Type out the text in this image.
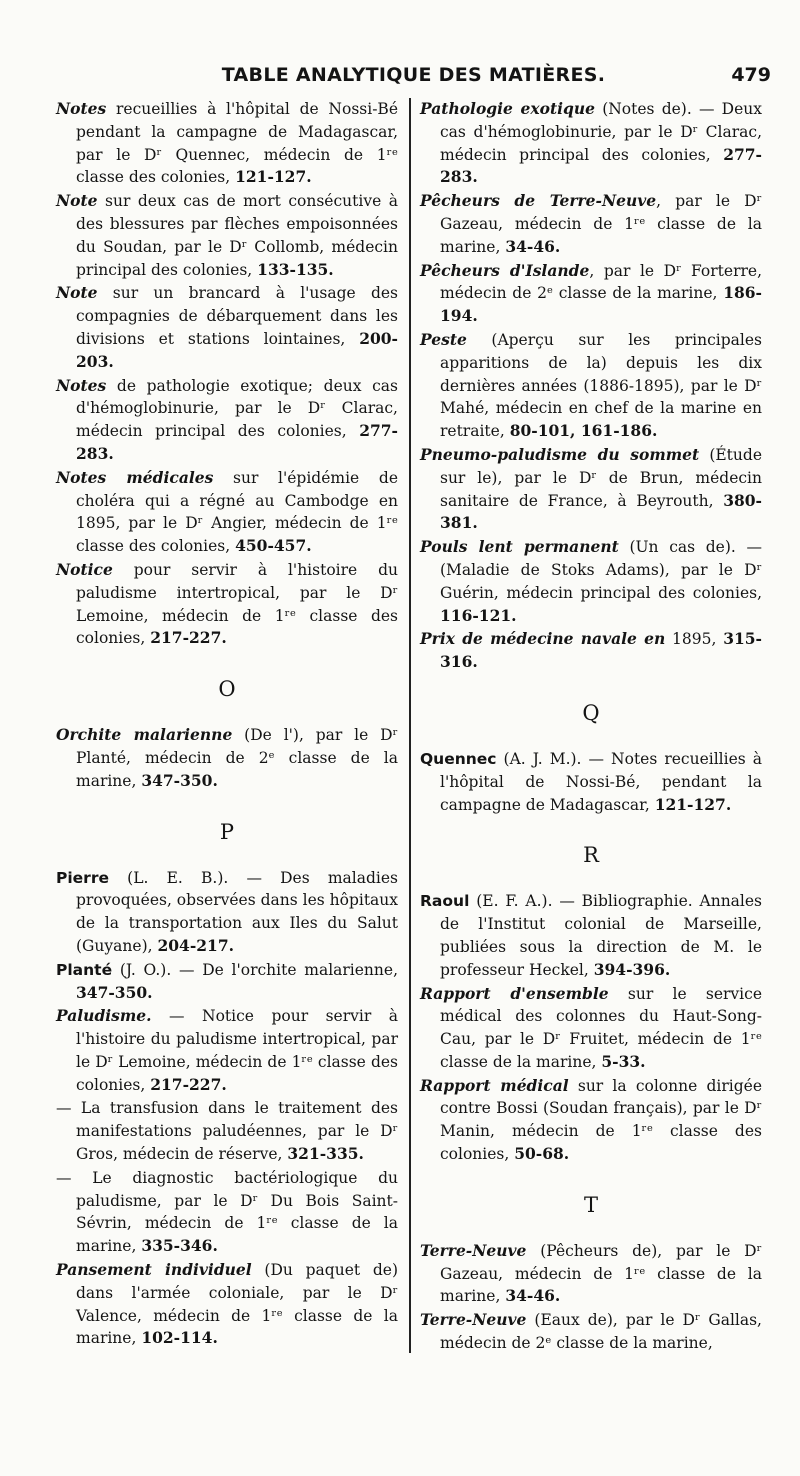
TABLE ANALYTIQUE DES MATIÈRES.	479
Notes recueillies à l'hôpital de Nossi-Bé pendant la campagne de Madagascar, par le Dʳ Quennec, médecin de 1ʳᵉ classe des colonies, 121-127.
Note sur deux cas de mort consécutive à des blessures par flèches empoisonnées du Soudan, par le Dʳ Collomb, médecin principal des colonies, 133-135.
Note sur un brancard à l'usage des compagnies de débarquement dans les divisions et stations lointaines, 200-203.
Notes de pathologie exotique; deux cas d'hémoglobinurie, par le Dʳ Clarac, médecin principal des colonies, 277-283.
Notes médicales sur l'épidémie de choléra qui a régné au Cambodge en 1895, par le Dʳ Angier, médecin de 1ʳᵉ classe des colonies, 450-457.
Notice pour servir à l'histoire du paludisme intertropical, par le Dʳ Lemoine, médecin de 1ʳᵉ classe des colonies, 217-227.
O
Orchite malarienne (De l'), par le Dʳ Planté, médecin de 2ᵉ classe de la marine, 347-350.
P
Pierre (L. E. B.). — Des maladies provoquées, observées dans les hôpitaux de la transportation aux Iles du Salut (Guyane), 204-217.
Planté (J. O.). — De l'orchite malarienne, 347-350.
Paludisme. — Notice pour servir à l'histoire du paludisme intertropical, par le Dʳ Lemoine, médecin de 1ʳᵉ classe des colonies, 217-227.
— La transfusion dans le traitement des manifestations paludéennes, par le Dʳ Gros, médecin de réserve, 321-335.
— Le diagnostic bactériologique du paludisme, par le Dʳ Du Bois Saint-Sévrin, médecin de 1ʳᵉ classe de la marine, 335-346.
Pansement individuel (Du paquet de) dans l'armée coloniale, par le Dʳ Valence, médecin de 1ʳᵉ classe de la marine, 102-114.
Pathologie exotique (Notes de). — Deux cas d'hémoglobinurie, par le Dʳ Clarac, médecin principal des colonies, 277-283.
Pêcheurs de Terre-Neuve, par le Dʳ Gazeau, médecin de 1ʳᵉ classe de la marine, 34-46.
Pêcheurs d'Islande, par le Dʳ Forterre, médecin de 2ᵉ classe de la marine, 186-194.
Peste (Aperçu sur les principales apparitions de la) depuis les dix dernières années (1886-1895), par le Dʳ Mahé, médecin en chef de la marine en retraite, 80-101, 161-186.
Pneumo-paludisme du sommet (Étude sur le), par le Dʳ de Brun, médecin sanitaire de France, à Beyrouth, 380-381.
Pouls lent permanent (Un cas de). — (Maladie de Stoks Adams), par le Dʳ Guérin, médecin principal des colonies, 116-121.
Prix de médecine navale en 1895, 315-316.
Q
Quennec (A. J. M.). — Notes recueillies à l'hôpital de Nossi-Bé, pendant la campagne de Madagascar, 121-127.
R
Raoul (E. F. A.). — Bibliographie. Annales de l'Institut colonial de Marseille, publiées sous la direction de M. le professeur Heckel, 394-396.
Rapport d'ensemble sur le service médical des colonnes du Haut-Song-Cau, par le Dʳ Fruitet, médecin de 1ʳᵉ classe de la marine, 5-33.
Rapport médical sur la colonne dirigée contre Bossi (Soudan français), par le Dʳ Manin, médecin de 1ʳᵉ classe des colonies, 50-68.
T
Terre-Neuve (Pêcheurs de), par le Dʳ Gazeau, médecin de 1ʳᵉ classe de la marine, 34-46.
Terre-Neuve (Eaux de), par le Dʳ Gallas, médecin de 2ᵉ classe de la marine,
